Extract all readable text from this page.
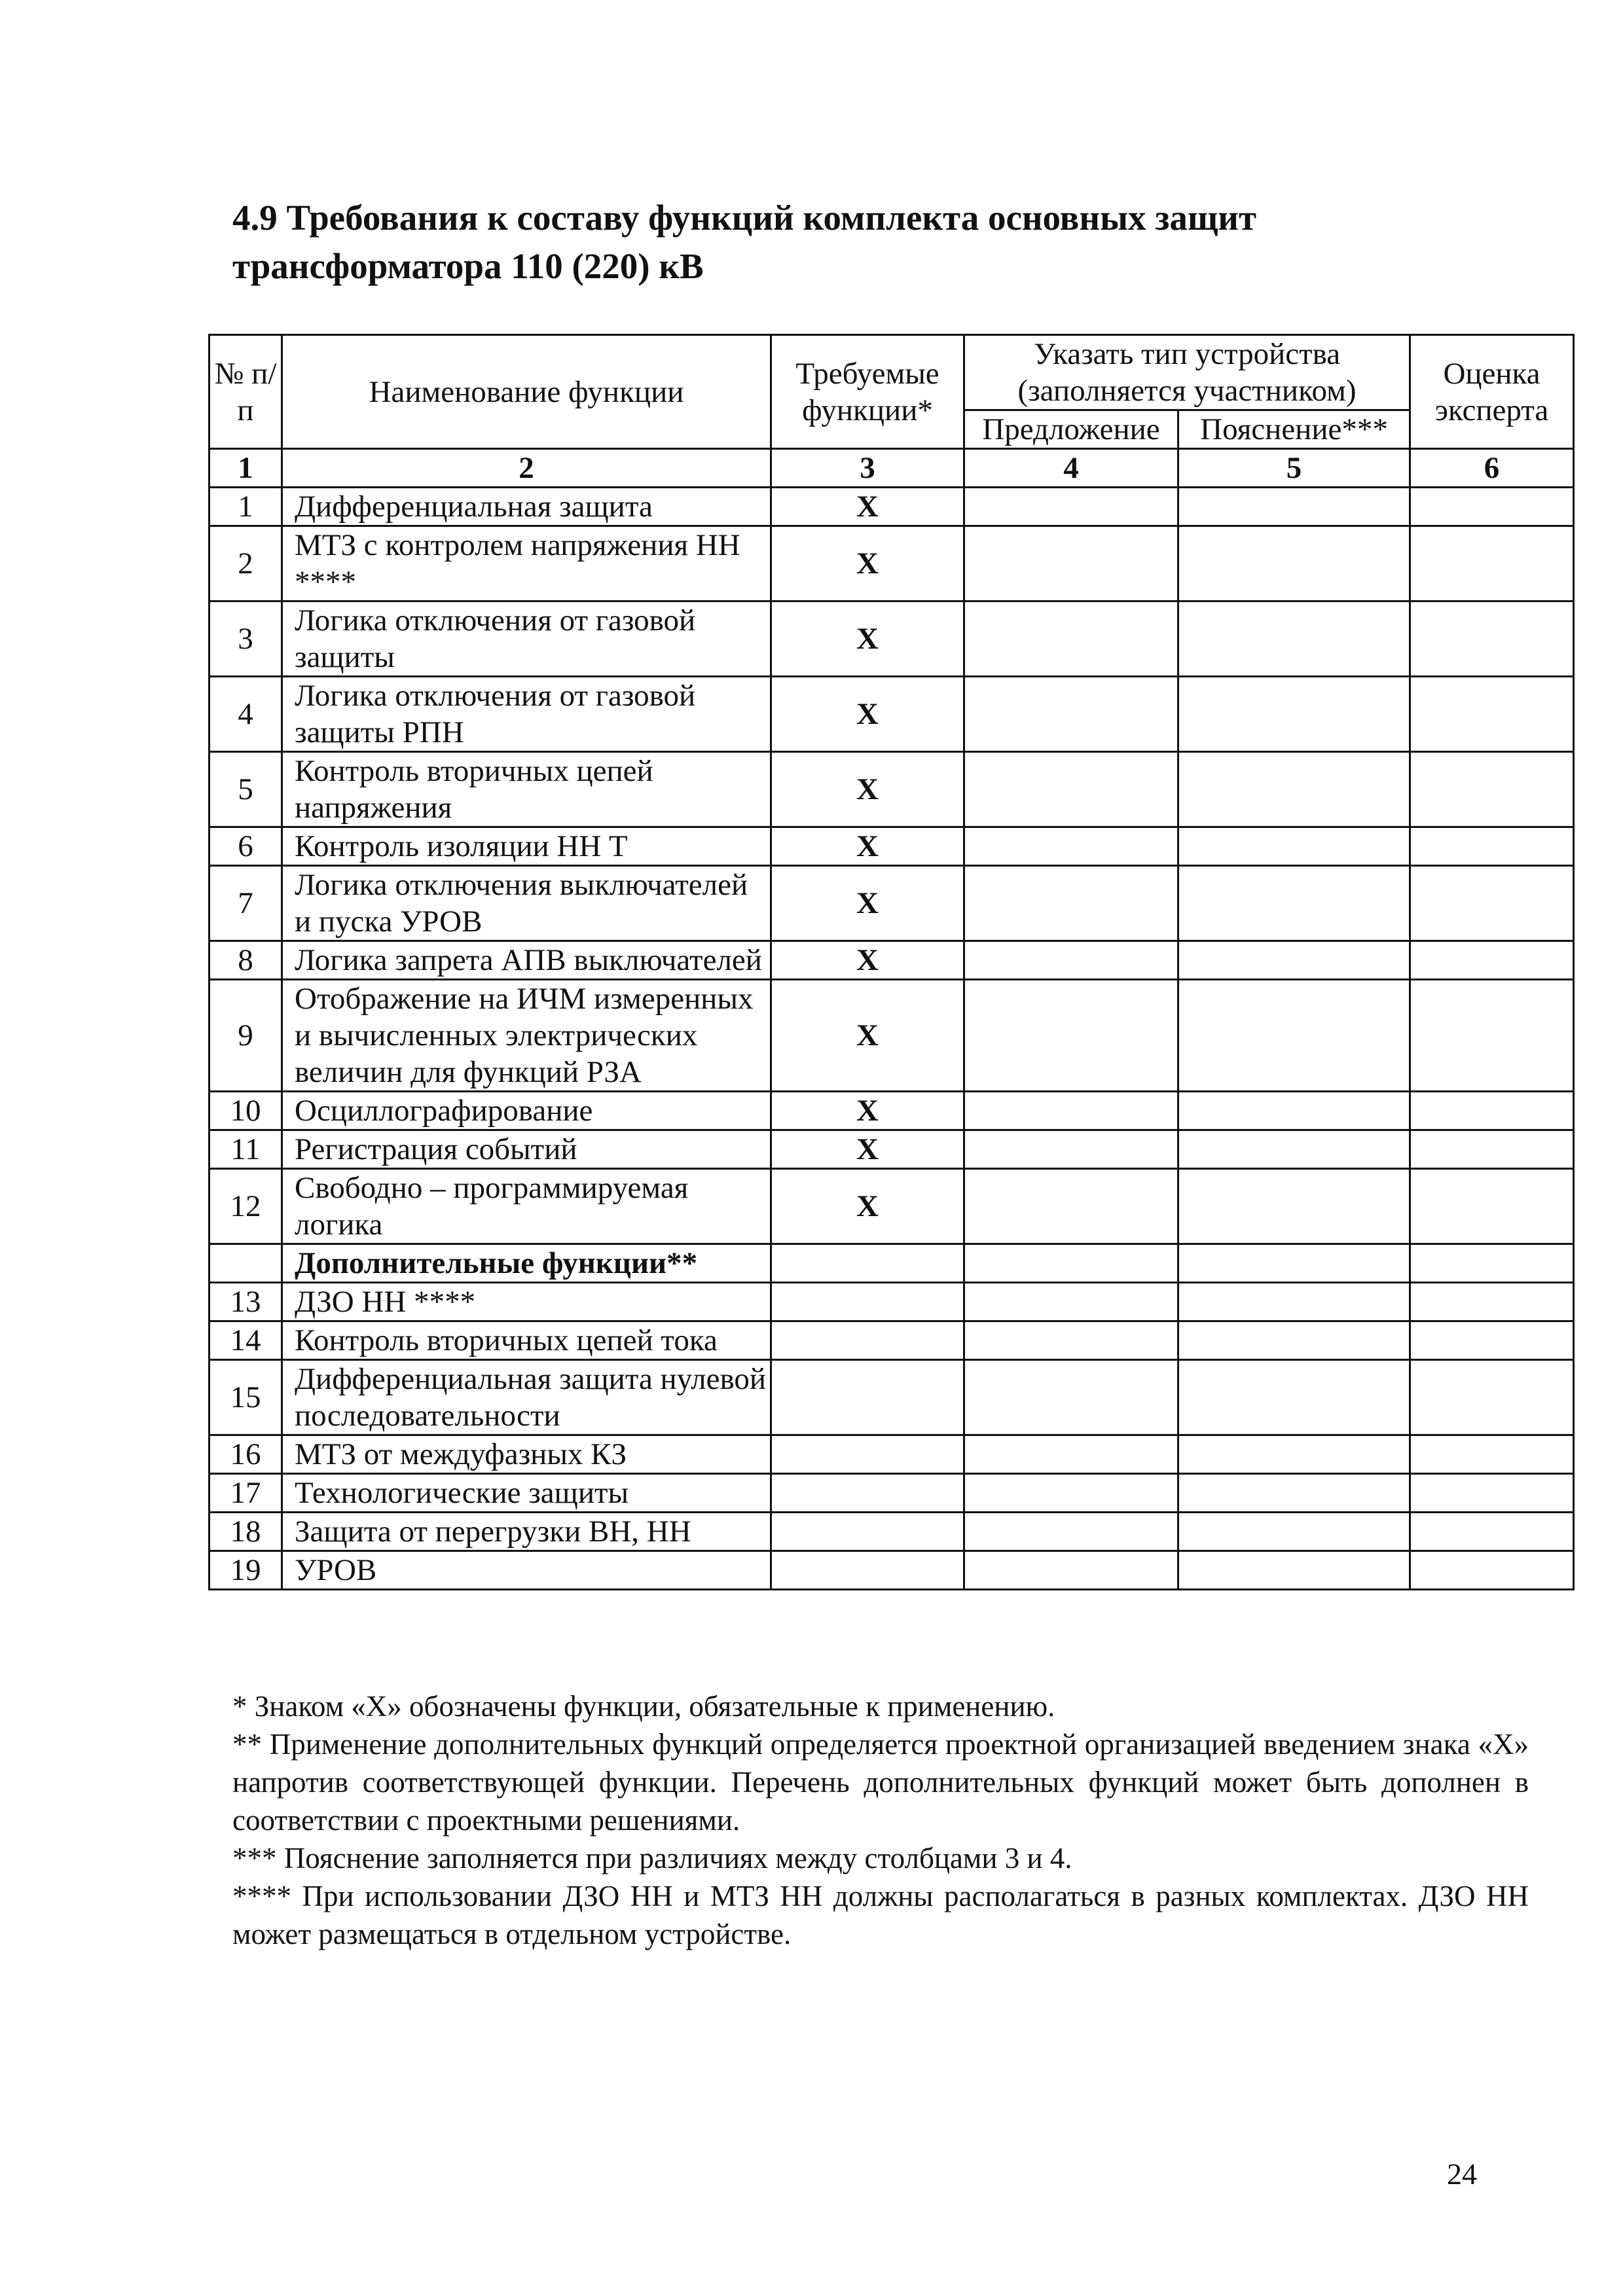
4.9 Требования к составу функций комплекта основных защит трансформатора 110 (220) кВ
№ п/п	Наименование функции	Требуемые функции*	Указать тип устройства (заполняется участником)		Оценка эксперта
			Предложение	Пояснение***	
1	2	3	4	5	6
1	Дифференциальная защита	X			
2	МТЗ с контролем напряжения НН ****	X			
3	Логика отключения от газовой защиты	X			
4	Логика отключения от газовой защиты РПН	X			
5	Контроль вторичных цепей напряжения	X			
6	Контроль изоляции НН Т	X			
7	Логика отключения выключателей и пуска УРОВ	X			
8	Логика запрета АПВ выключателей	X			
9	Отображение на ИЧМ измеренных и вычисленных электрических величин для функций РЗА	X			
10	Осциллографирование	X			
11	Регистрация событий	X			
12	Свободно – программируемая логика	X			
	Дополнительные функции**				
13	ДЗО НН ****				
14	Контроль вторичных цепей тока				
15	Дифференциальная защита нулевой последовательности				
16	МТЗ от междуфазных КЗ				
17	Технологические защиты				
18	Защита от перегрузки ВН, НН				
19	УРОВ				

* Знаком «X» обозначены функции, обязательные к применению.

** Применение дополнительных функций определяется проектной организацией введением знака «X» напротив соответствующей функции. Перечень дополнительных функций может быть дополнен в соответствии с проектными решениями.

*** Пояснение заполняется при различиях между столбцами 3 и 4.

**** При использовании ДЗО НН и МТЗ НН должны располагаться в разных комплектах. ДЗО НН может размещаться в отдельном устройстве.

24
